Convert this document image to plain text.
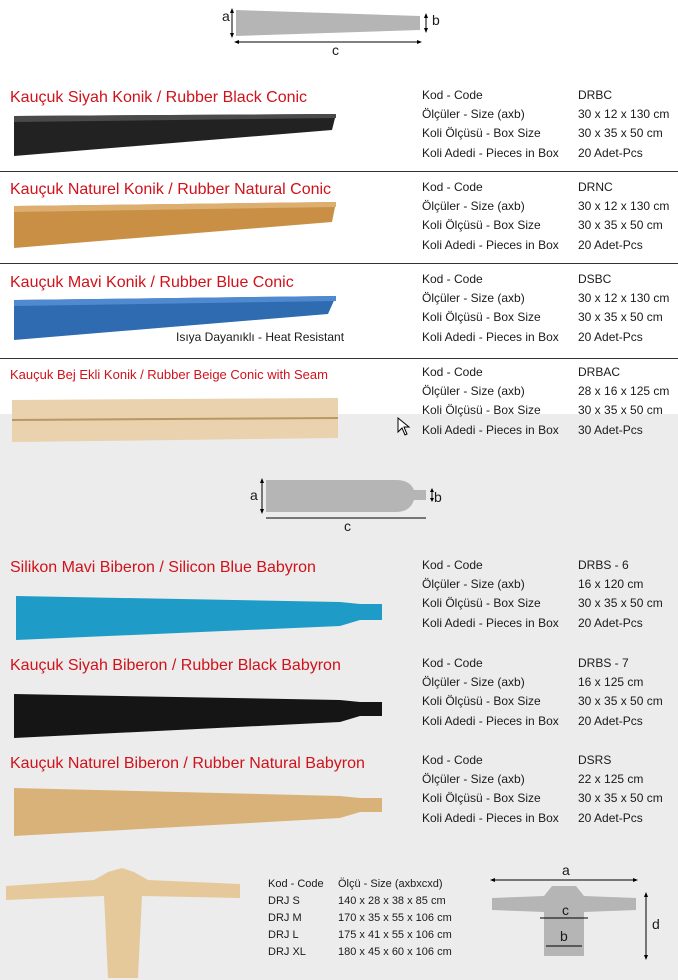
a	b
c
Kauçuk Siyah Konik / Rubber Black Conic	Kod - Code	DRBC
Ölçüler - Size (axb)	30 x 12 x 130 cm
Koli Ölçüsü - Box Size	30 x 35 x 50 cm
Koli Adedi - Pieces in Box	20 Adet-Pcs
Kauçuk Naturel Konik / Rubber Natural Conic	Kod - Code	DRNC
Ölçüler - Size (axb)	30 x 12 x 130 cm
Koli Ölçüsü - Box Size	30 x 35 x 50 cm
Koli Adedi - Pieces in Box	20 Adet-Pcs
Kauçuk Mavi Konik / Rubber Blue Conic
Isıya Dayanıklı - Heat Resistant
Kod - Code	DSBC
Ölçüler - Size (axb)	30 x 12 x 130 cm
Koli Ölçüsü - Box Size	30 x 35 x 50 cm
Koli Adedi - Pieces in Box	20 Adet-Pcs
Kauçuk Bej Ekli Konik / Rubber Beige Conic with Seam	Kod - Code	DRBAC
Ölçüler - Size (axb)	28 x 16 x 125 cm
Koli Ölçüsü - Box Size	30 x 35 x 50 cm
Koli Adedi - Pieces in Box	30 Adet-Pcs
a	b
c
Silikon Mavi Biberon / Silicon Blue Babyron	Kod - Code	DRBS - 6
Ölçüler - Size (axb)	16 x 120 cm
Koli Ölçüsü - Box Size	30 x 35 x 50 cm
Koli Adedi - Pieces in Box	20 Adet-Pcs
Kauçuk Siyah Biberon / Rubber Black Babyron	Kod - Code	DRBS - 7
Ölçüler - Size (axb)	16 x 125 cm
Koli Ölçüsü - Box Size	30 x 35 x 50 cm
Koli Adedi - Pieces in Box	20 Adet-Pcs
Kauçuk Naturel Biberon / Rubber Natural Babyron	Kod - Code	DSRS
Ölçüler - Size (axb)	22 x 125 cm
Koli Ölçüsü - Box Size	30 x 35 x 50 cm
Koli Adedi - Pieces in Box	20 Adet-Pcs
Kod - Code	Ölçü - Size (axbxcxd)
DRJ S	140 x 28 x 38 x 85 cm
DRJ M	170 x 35 x 55 x 106 cm
DRJ L	175 x 41 x 55 x 106 cm
DRJ XL	180 x 45 x 60 x 106 cm
a
c
b
d
